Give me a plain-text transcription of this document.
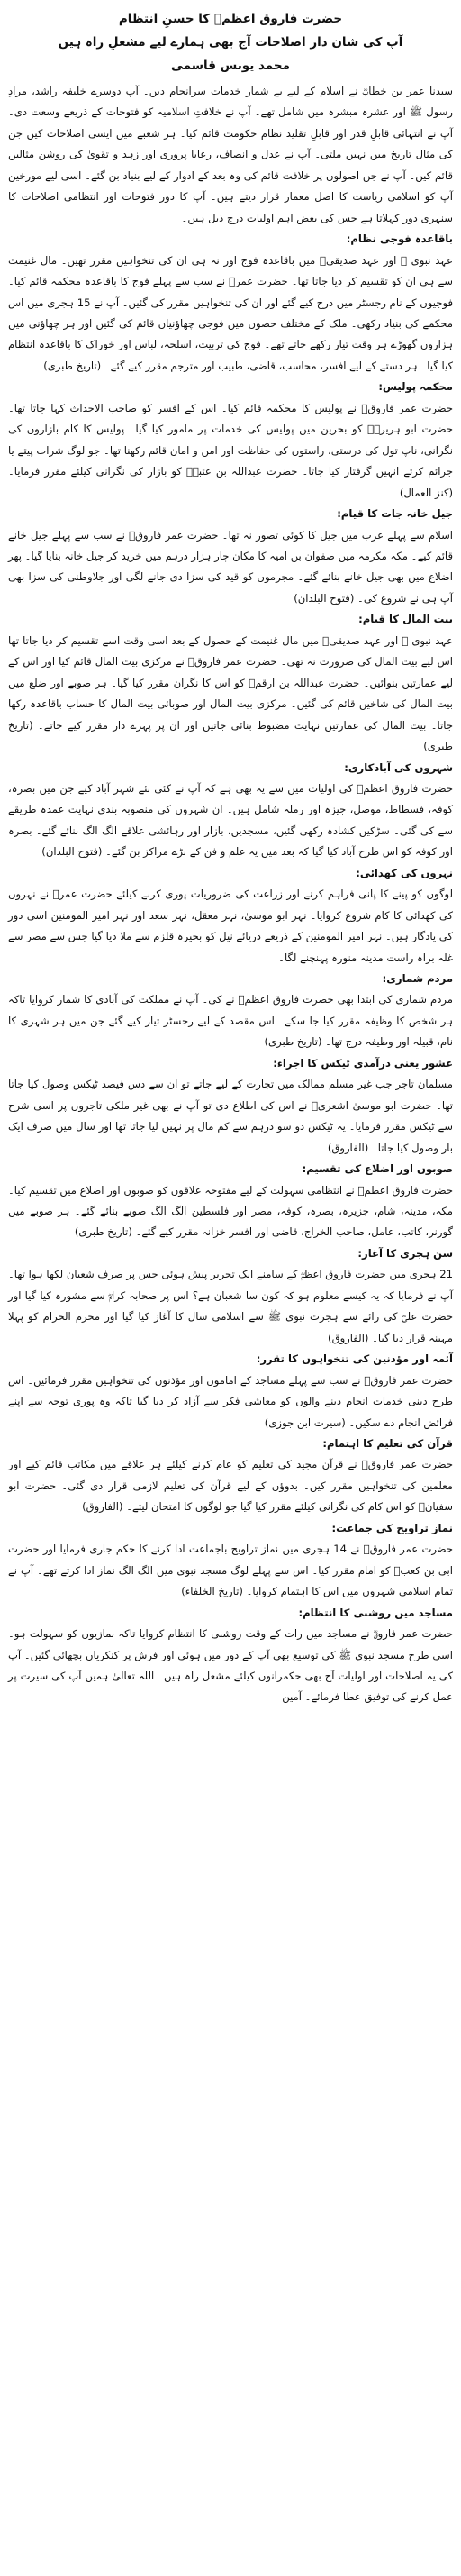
حضرت فاروق اعظمؓ کا حسنِ انتظام
آپ کی شان دار اصلاحات آج بھی ہمارے لیے مشعلِ راہ ہیں
محمد یونس قاسمی

سیدنا عمر بن خطابؓ نے اسلام کے لیے بے شمار خدمات سرانجام دیں۔ آپ دوسرے خلیفہ راشد، مرادِ رسول ﷺ اور عشرہ مبشرہ میں شامل تھے۔ آپ نے خلافتِ اسلامیہ کو فتوحات کے ذریعے وسعت دی۔ آپ نے انتہائی قابلِ قدر اور قابلِ تقلید نظام حکومت قائم کیا۔ ہر شعبے میں ایسی اصلاحات کیں جن کی مثال تاریخ میں نہیں ملتی۔ آپ نے عدل و انصاف، رعایا پروری اور زہد و تقویٰ کی روشن مثالیں قائم کیں۔ آپ نے جن اصولوں پر خلافت قائم کی وہ بعد کے ادوار کے لیے بنیاد بن گئے۔ اسی لیے مورخین آپ کو اسلامی ریاست کا اصل معمار قرار دیتے ہیں۔ آپ کا دور فتوحات اور انتظامی اصلاحات کا سنہری دور کہلاتا ہے جس کی بعض اہم اولیات درج ذیل ہیں۔

باقاعدہ فوجی نظام:

عہد نبوی ﷺ اور عہد صدیقیؓ میں باقاعدہ فوج اور نہ ہی ان کی تنخواہیں مقرر تھیں۔ مال غنیمت سے ہی ان کو تقسیم کر دیا جاتا تھا۔ حضرت عمرؓ نے سب سے پہلے فوج کا باقاعدہ محکمہ قائم کیا۔ فوجیوں کے نام رجسٹر میں درج کیے گئے اور ان کی تنخواہیں مقرر کی گئیں۔ آپ نے 15 ہجری میں اس محکمے کی بنیاد رکھی۔ ملک کے مختلف حصوں میں فوجی چھاؤنیاں قائم کی گئیں اور ہر چھاؤنی میں ہزاروں گھوڑے ہر وقت تیار رکھے جاتے تھے۔ فوج کی تربیت، اسلحہ، لباس اور خوراک کا باقاعدہ انتظام کیا گیا۔ ہر دستے کے لیے افسر، محاسب، قاضی، طبیب اور مترجم مقرر کیے گئے۔ (تاریخ طبری)

محکمہ پولیس:

حضرت عمر فاروقؓ نے پولیس کا محکمہ قائم کیا۔ اس کے افسر کو صاحب الاحداث کہا جاتا تھا۔ حضرت ابو ہریرہؓ کو بحرین میں پولیس کی خدمات پر مامور کیا گیا۔ پولیس کا کام بازاروں کی نگرانی، ناپ تول کی درستی، راستوں کی حفاظت اور امن و امان قائم رکھنا تھا۔ جو لوگ شراب پیتے یا جرائم کرتے انہیں گرفتار کیا جاتا۔ حضرت عبداللہ بن عتبہؓ کو بازار کی نگرانی کیلئے مقرر فرمایا۔ (کنز العمال)

جیل خانہ جات کا قیام:

اسلام سے پہلے عرب میں جیل کا کوئی تصور نہ تھا۔ حضرت عمر فاروقؓ نے سب سے پہلے جیل خانے قائم کیے۔ مکہ مکرمہ میں صفوان بن امیہ کا مکان چار ہزار درہم میں خرید کر جیل خانہ بنایا گیا۔ پھر اضلاع میں بھی جیل خانے بنائے گئے۔ مجرموں کو قید کی سزا دی جانے لگی اور جلاوطنی کی سزا بھی آپ ہی نے شروع کی۔ (فتوح البلدان)

بیت المال کا قیام:

عہد نبوی ﷺ اور عہد صدیقیؓ میں مال غنیمت کے حصول کے بعد اسی وقت اسے تقسیم کر دیا جاتا تھا اس لیے بیت المال کی ضرورت نہ تھی۔ حضرت عمر فاروقؓ نے مرکزی بیت المال قائم کیا اور اس کے لیے عمارتیں بنوائیں۔ حضرت عبداللہ بن ارقمؓ کو اس کا نگران مقرر کیا گیا۔ ہر صوبے اور ضلع میں بیت المال کی شاخیں قائم کی گئیں۔ مرکزی بیت المال اور صوبائی بیت المال کا حساب باقاعدہ رکھا جاتا۔ بیت المال کی عمارتیں نہایت مضبوط بنائی جاتیں اور ان پر پہرے دار مقرر کیے جاتے۔ (تاریخ طبری)

شہروں کی آبادکاری:

حضرت فاروق اعظمؓ کی اولیات میں سے یہ بھی ہے کہ آپ نے کئی نئے شہر آباد کیے جن میں بصرہ، کوفہ، فسطاط، موصل، جیزہ اور رملہ شامل ہیں۔ ان شہروں کی منصوبہ بندی نہایت عمدہ طریقے سے کی گئی۔ سڑکیں کشادہ رکھی گئیں، مسجدیں، بازار اور رہائشی علاقے الگ الگ بنائے گئے۔ بصرہ اور کوفہ کو اس طرح آباد کیا گیا کہ بعد میں یہ علم و فن کے بڑے مراکز بن گئے۔ (فتوح البلدان)

نہروں کی کھدائی:

لوگوں کو پینے کا پانی فراہم کرنے اور زراعت کی ضروریات پوری کرنے کیلئے حضرت عمرؓ نے نہروں کی کھدائی کا کام شروع کروایا۔ نہر ابو موسیٰ، نہر معقل، نہر سعد اور نہر امیر المومنین اسی دور کی یادگار ہیں۔ نہر امیر المومنین کے ذریعے دریائے نیل کو بحیرہ قلزم سے ملا دیا گیا جس سے مصر سے غلہ براہ راست مدینہ منورہ پہنچنے لگا۔

مردم شماری:

مردم شماری کی ابتدا بھی حضرت فاروق اعظمؓ نے کی۔ آپ نے مملکت کی آبادی کا شمار کروایا تاکہ ہر شخص کا وظیفہ مقرر کیا جا سکے۔ اس مقصد کے لیے رجسٹر تیار کیے گئے جن میں ہر شہری کا نام، قبیلہ اور وظیفہ درج تھا۔ (تاریخ طبری)

عشور یعنی درآمدی ٹیکس کا اجراء:

مسلمان تاجر جب غیر مسلم ممالک میں تجارت کے لیے جاتے تو ان سے دس فیصد ٹیکس وصول کیا جاتا تھا۔ حضرت ابو موسیٰ اشعریؓ نے اس کی اطلاع دی تو آپ نے بھی غیر ملکی تاجروں پر اسی شرح سے ٹیکس مقرر فرمایا۔ یہ ٹیکس دو سو درہم سے کم مال پر نہیں لیا جاتا تھا اور سال میں صرف ایک بار وصول کیا جاتا۔ (الفاروق)

صوبوں اور اضلاع کی تقسیم:

حضرت فاروق اعظمؓ نے انتظامی سہولت کے لیے مفتوحہ علاقوں کو صوبوں اور اضلاع میں تقسیم کیا۔ مکہ، مدینہ، شام، جزیرہ، بصرہ، کوفہ، مصر اور فلسطین الگ الگ صوبے بنائے گئے۔ ہر صوبے میں گورنر، کاتب، عامل، صاحب الخراج، قاضی اور افسر خزانہ مقرر کیے گئے۔ (تاریخ طبری)

سن ہجری کا آغاز:

21 ہجری میں حضرت فاروق اعظمؓ کے سامنے ایک تحریر پیش ہوئی جس پر صرف شعبان لکھا ہوا تھا۔ آپ نے فرمایا کہ یہ کیسے معلوم ہو کہ کون سا شعبان ہے؟ اس پر صحابہ کرامؓ سے مشورہ کیا گیا اور حضرت علیؓ کی رائے سے ہجرت نبوی ﷺ سے اسلامی سال کا آغاز کیا گیا اور محرم الحرام کو پہلا مہینہ قرار دیا گیا۔ (الفاروق)

آئمہ اور مؤذنین کی تنخواہوں کا تقرر:

حضرت عمر فاروقؓ نے سب سے پہلے مساجد کے اماموں اور مؤذنوں کی تنخواہیں مقرر فرمائیں۔ اس طرح دینی خدمات انجام دینے والوں کو معاشی فکر سے آزاد کر دیا گیا تاکہ وہ پوری توجہ سے اپنے فرائض انجام دے سکیں۔ (سیرت ابن جوزی)

قرآن کی تعلیم کا اہتمام:

حضرت عمر فاروقؓ نے قرآن مجید کی تعلیم کو عام کرنے کیلئے ہر علاقے میں مکاتب قائم کیے اور معلمین کی تنخواہیں مقرر کیں۔ بدوؤں کے لیے قرآن کی تعلیم لازمی قرار دی گئی۔ حضرت ابو سفیانؓ کو اس کام کی نگرانی کیلئے مقرر کیا گیا جو لوگوں کا امتحان لیتے۔ (الفاروق)

نماز تراویح کی جماعت:

حضرت عمر فاروقؓ نے 14 ہجری میں نماز تراویح باجماعت ادا کرنے کا حکم جاری فرمایا اور حضرت ابی بن کعبؓ کو امام مقرر کیا۔ اس سے پہلے لوگ مسجد نبوی میں الگ الگ نماز ادا کرتے تھے۔ آپ نے تمام اسلامی شہروں میں اس کا اہتمام کروایا۔ (تاریخ الخلفاء)

مساجد میں روشنی کا انتظام:

حضرت عمر فاروقؓ نے مساجد میں رات کے وقت روشنی کا انتظام کروایا تاکہ نمازیوں کو سہولت ہو۔ اسی طرح مسجد نبوی ﷺ کی توسیع بھی آپ کے دور میں ہوئی اور فرش پر کنکریاں بچھائی گئیں۔ آپ کی یہ اصلاحات اور اولیات آج بھی حکمرانوں کیلئے مشعل راہ ہیں۔ اللہ تعالیٰ ہمیں آپ کی سیرت پر عمل کرنے کی توفیق عطا فرمائے۔ آمین
